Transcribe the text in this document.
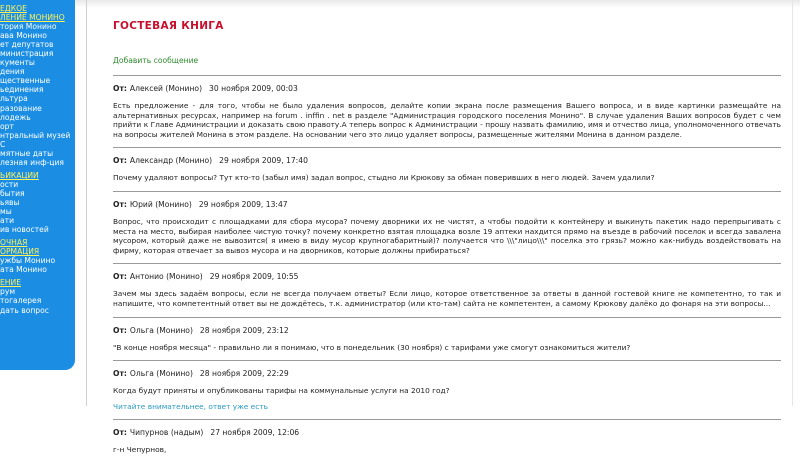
ЕДКОЕ
ЛЕНИЕ МОНИНО
тория Монино
ава Монино
ет депутатов
министрация
кументы
дения
щественные
ьединения
льтура
разование
лодежь
орт
нтральный музей
С
мятные даты
лезная инф-ция
ЬИКАЦИИ
ости
бытия
ьявы
мы
ати
ив новостей
ОЧНАЯ
ОРМАЦИЯ
ужбы Монино
ата Монино
ЕНИЕ
рум
тогалерея
дать вопрос
ГОСТЕВАЯ КНИГА
Добавить сообщение
От: Алексей (Монино) 30 ноября 2009, 00:03
Есть предложение - для того, чтобы не было удаления вопросов, делайте копии экрана после размещения Вашего вопроса, и в виде картинки размещайте на альтернативных ресурсах, например на forum . inffin . net в разделе "Администрация городского поселения Монино". В случае удаления Ваших вопросов будет с чем прийти к Главе Администрации и доказать свою правоту.А теперь вопрос к Администрации - прошу назвать фамилию, имя и отчество лица, уполномоченного отвечать на вопросы жителей Монина в этом разделе. На основании чего это лицо удаляет вопросы, размещенные жителями Монина в данном разделе.
От: Александр (Монино) 29 ноября 2009, 17:40
Почему удаляют вопросы? Тут кто-то (забыл имя) задал вопрос, стыдно ли Крюкову за обман поверивших в него людей. Зачем удалили?
От: Юрий (Монино) 29 ноября 2009, 13:47
Вопрос, что происходит с площадками для сбора мусора? почему дворники их не чистят, а чтобы подойти к контейнеру и выкинуть пакетик надо перепрыгивать с места на место, выбирая наиболее чистую точку? почему конкретно взятая площадка возле 19 аптеки нахдится прямо на въезде в рабочий поселок и всегда завалена мусором, который даже не вывозится( я имею в виду мусор крупногабаритный)? получается что \\\"лицо\\\" поселка это грязь? можно как-нибудь воздействовать на фирму, которая отвечает за вывоз мусора и на дворников, которые должны прибираться?
От: Антонио (Монино) 29 ноября 2009, 10:55
Зачем мы здесь задаём вопросы, если не всегда получаем ответы? Если лицо, которое ответственное за ответы в данной гостевой книге не компетентно, то так и напишите, что компетентный ответ вы не дождётесь, т.к. администратор (или кто-там) сайта не компетентен, а самому Крюкову далёко до фонаря на эти вопросы...
От: Ольга (Монино) 28 ноября 2009, 23:12
"В конце ноября месяца" - правильно ли я понимаю, что в понедельник (30 ноября) с тарифами уже смогут ознакомиться жители?
От: Ольга (Монино) 28 ноября 2009, 22:29
Когда будут приняты и опубликованы тарифы на коммунальные услуги на 2010 год?
Читайте внимательнее, ответ уже есть
От: Чипурнов (надым) 27 ноября 2009, 12:06
г-н Чепурнов,
